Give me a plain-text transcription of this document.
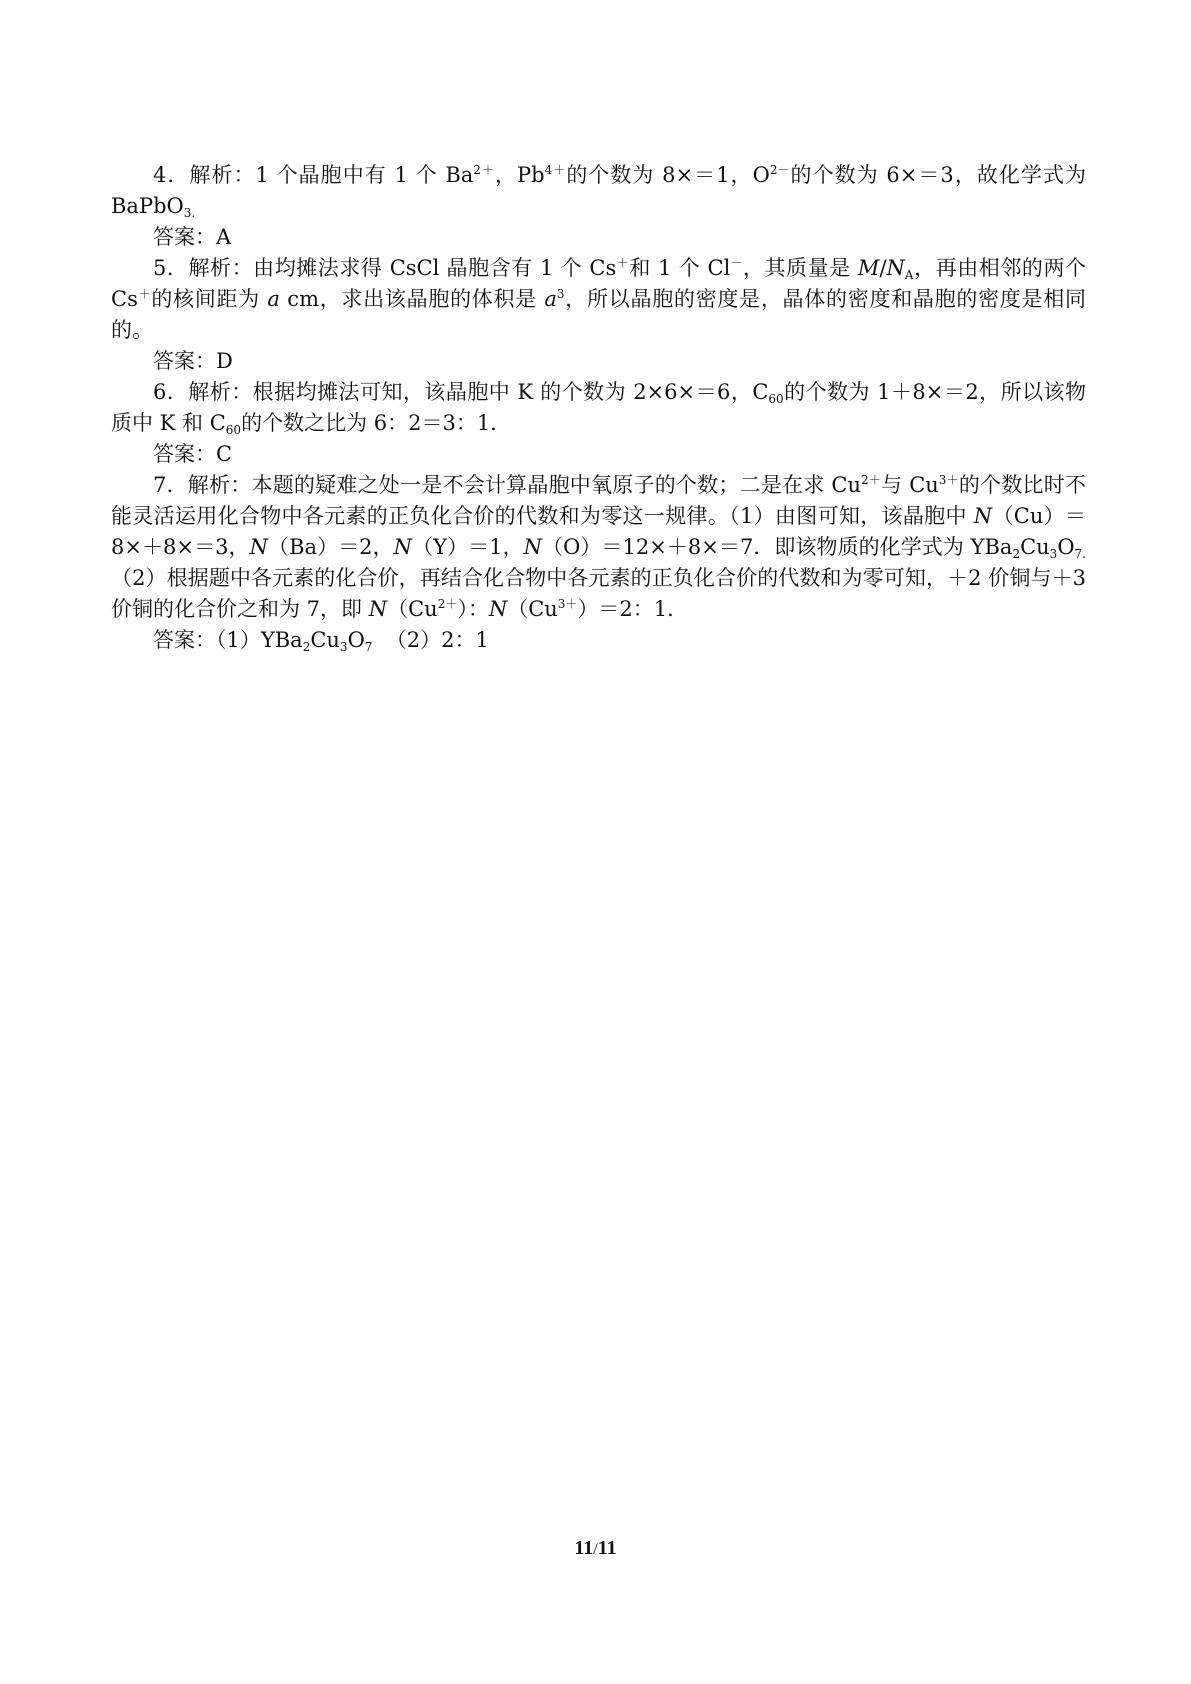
4．解析：1 个晶胞中有 1 个 $Ba^{2+}$，$Pb^{4+}$的个数为 8×＝1，$O^{2-}$的个数为 6×＝3，故化学式为 BaPbO$_{3.}$

答案：A

5．解析：由均摊法求得 CsCl 晶胞含有 1 个 Cs＋和 1 个 Cl－，其质量是 $M/N_A$，再由相邻的两个 Cs＋的核间距为 a cm，求出该晶胞的体积是 $a^3$，所以晶胞的密度是，晶体的密度和晶胞的密度是相同的。

答案：D

6．解析：根据均摊法可知，该晶胞中 K 的个数为 2×6×＝6，$C_{60}$的个数为 1＋8×＝2，所以该物质中 K 和 $C_{60}$的个数之比为 6：2＝3：1．

答案：C

7．解析：本题的疑难之处一是不会计算晶胞中氧原子的个数；二是在求 $Cu^{2+}$与 $Cu^{3+}$的个数比时不能灵活运用化合物中各元素的正负化合价的代数和为零这一规律。（1）由图可知，该晶胞中 N（Cu）＝8×＋8×＝3，N（Ba）＝2，N（Y）＝1，N（O）＝12×＋8×＝7．即该物质的化学式为 $YBa_2Cu_3O_{7.}(2)$根据题中各元素的化合价，再结合化合物中各元素的正负化合价的代数和为零可知，＋2 价铜与＋3 价铜的化合价之和为 7，即 $N(Cu^{2+})$：$N(Cu^{3+})=2$：1．

答案：$(1)YBa_2Cu_3O_7$ （2）2：1

11/11
